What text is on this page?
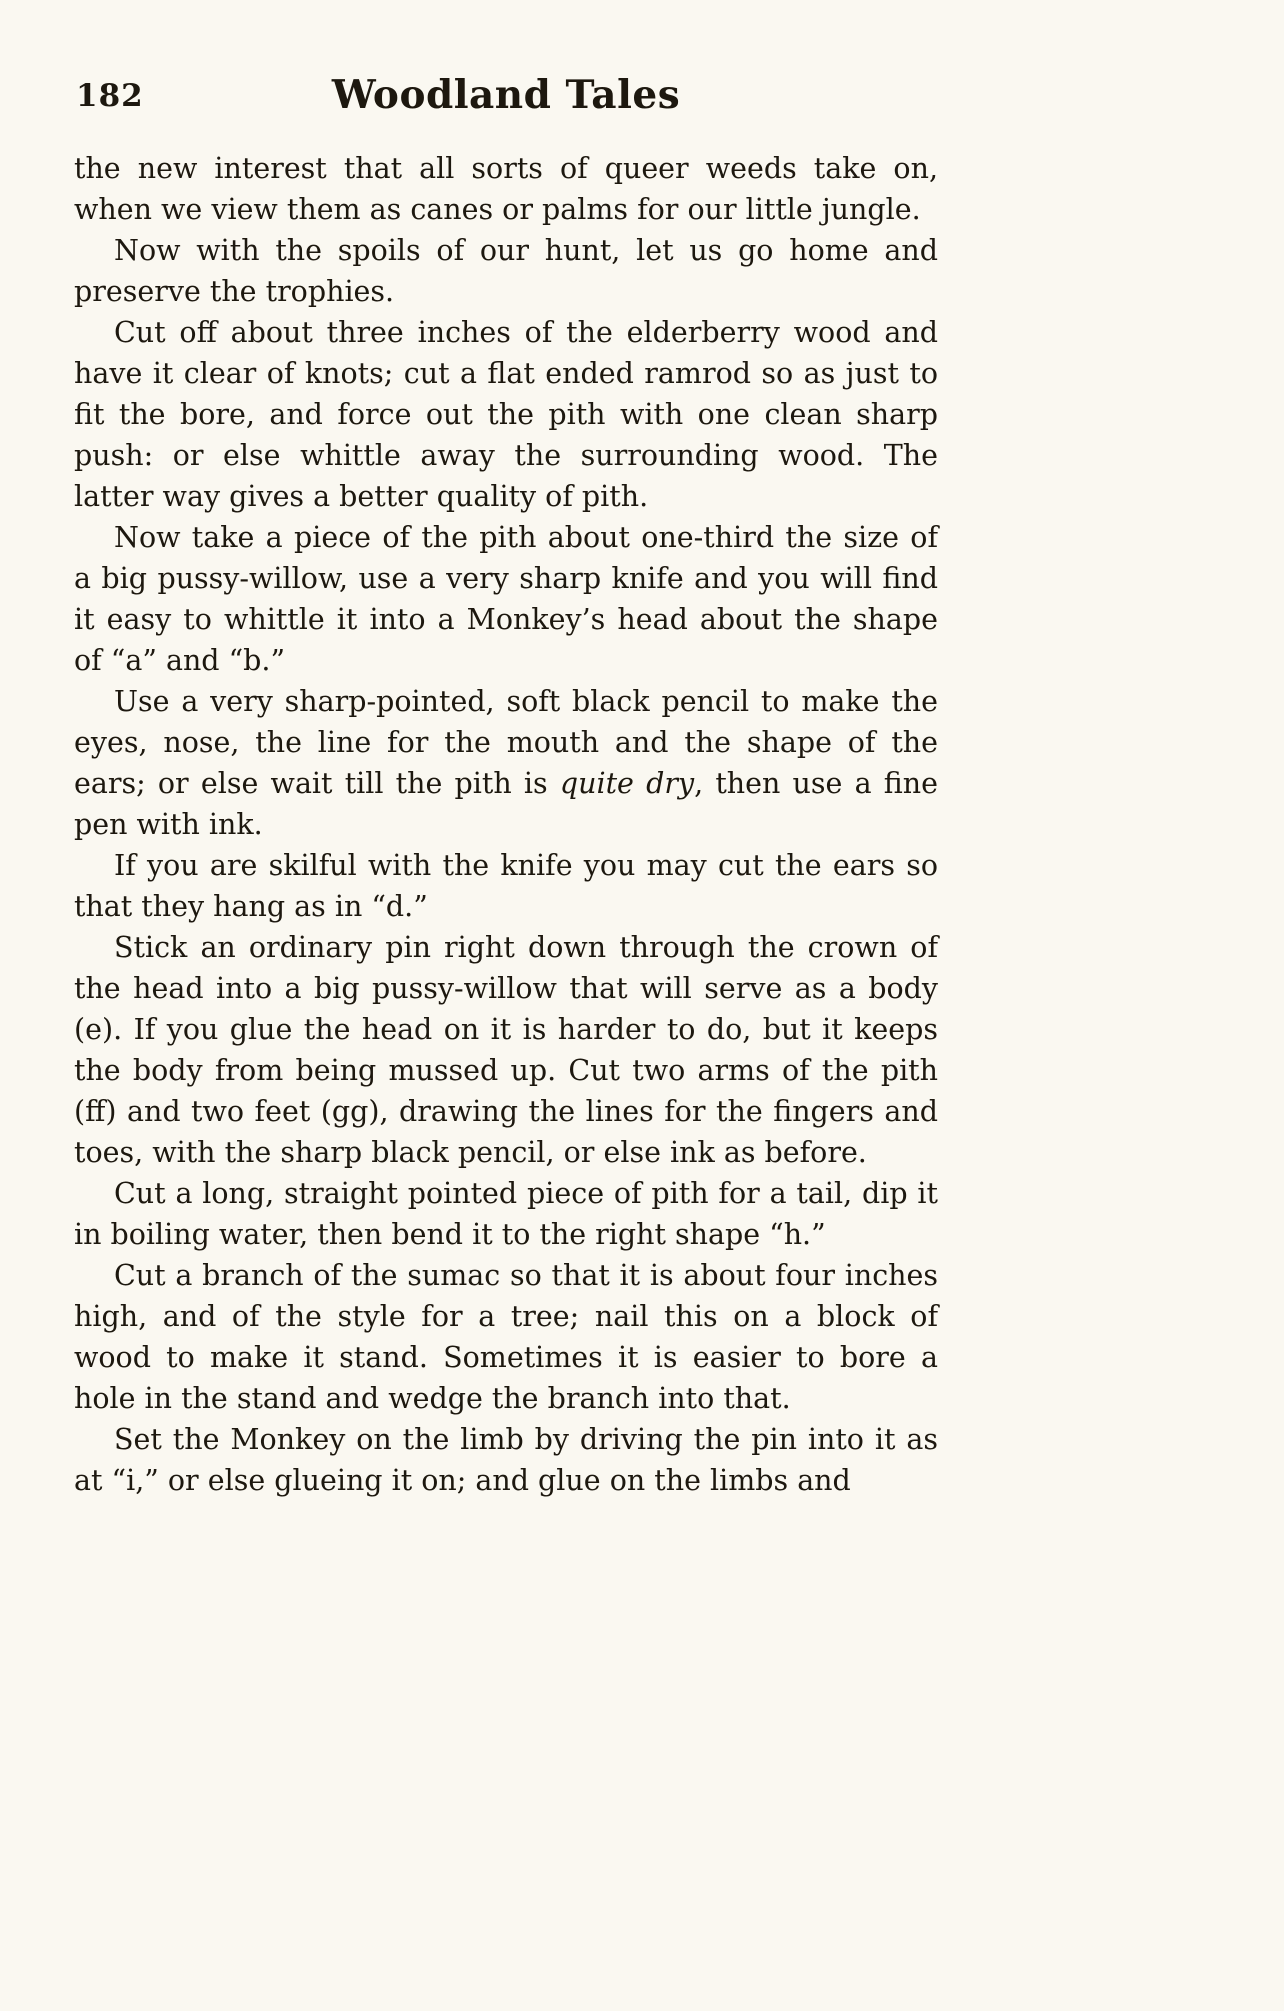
182	Woodland Tales

the new interest that all sorts of queer weeds take on, when we view them as canes or palms for our little jungle.

Now with the spoils of our hunt, let us go home and preserve the trophies.

Cut off about three inches of the elderberry wood and have it clear of knots; cut a flat ended ramrod so as just to fit the bore, and force out the pith with one clean sharp push: or else whittle away the surrounding wood. The latter way gives a better quality of pith.

Now take a piece of the pith about one-third the size of a big pussy-willow, use a very sharp knife and you will find it easy to whittle it into a Monkey’s head about the shape of “a” and “b.”

Use a very sharp-pointed, soft black pencil to make the eyes, nose, the line for the mouth and the shape of the ears; or else wait till the pith is quite dry, then use a fine pen with ink.

If you are skilful with the knife you may cut the ears so that they hang as in “d.”

Stick an ordinary pin right down through the crown of the head into a big pussy-willow that will serve as a body (e). If you glue the head on it is harder to do, but it keeps the body from being mussed up. Cut two arms of the pith (ff) and two feet (gg), drawing the lines for the fingers and toes, with the sharp black pencil, or else ink as before.

Cut a long, straight pointed piece of pith for a tail, dip it in boiling water, then bend it to the right shape “h.”

Cut a branch of the sumac so that it is about four inches high, and of the style for a tree; nail this on a block of wood to make it stand. Sometimes it is easier to bore a hole in the stand and wedge the branch into that.

Set the Monkey on the limb by driving the pin into it as at “i,” or else glueing it on; and glue on the limbs and
